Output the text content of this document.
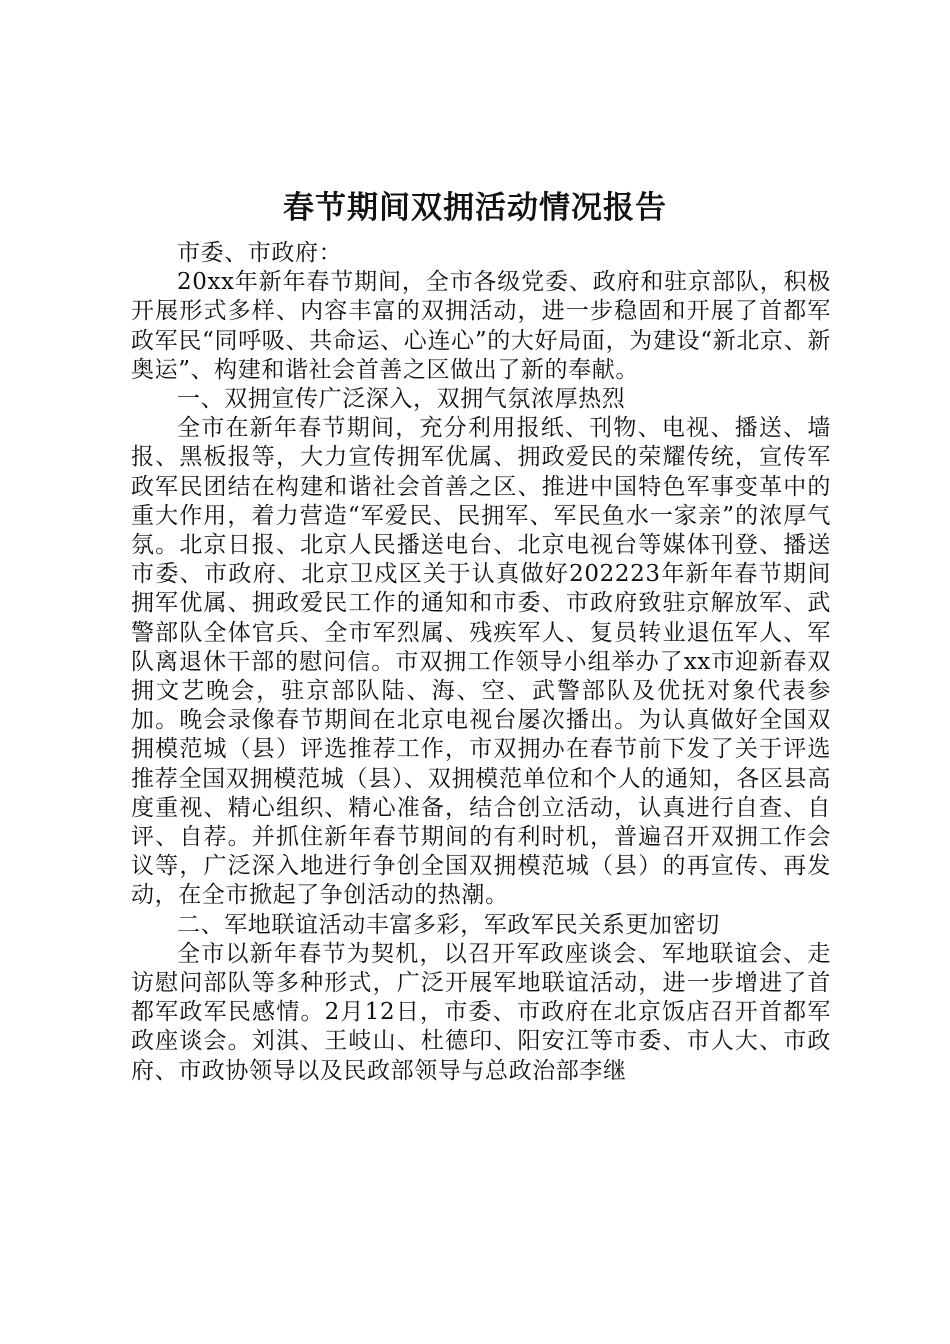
春节期间双拥活动情况报告

市委、市政府：

20xx年新年春节期间，全市各级党委、政府和驻京部队，积极开展形式多样、内容丰富的双拥活动，进一步稳固和开展了首都军政军民“同呼吸、共命运、心连心”的大好局面，为建设“新北京、新奥运”、构建和谐社会首善之区做出了新的奉献。

一、双拥宣传广泛深入，双拥气氛浓厚热烈

全市在新年春节期间，充分利用报纸、刊物、电视、播送、墙报、黑板报等，大力宣传拥军优属、拥政爱民的荣耀传统，宣传军政军民团结在构建和谐社会首善之区、推进中国特色军事变革中的重大作用，着力营造“军爱民、民拥军、军民鱼水一家亲”的浓厚气氛。北京日报、北京人民播送电台、北京电视台等媒体刊登、播送市委、市政府、北京卫戍区关于认真做好202223年新年春节期间拥军优属、拥政爱民工作的通知和市委、市政府致驻京解放军、武警部队全体官兵、全市军烈属、残疾军人、复员转业退伍军人、军队离退休干部的慰问信。市双拥工作领导小组举办了xx市迎新春双拥文艺晚会，驻京部队陆、海、空、武警部队及优抚对象代表参加。晚会录像春节期间在北京电视台屡次播出。为认真做好全国双拥模范城（县）评选推荐工作，市双拥办在春节前下发了关于评选推荐全国双拥模范城（县）、双拥模范单位和个人的通知，各区县高度重视、精心组织、精心准备，结合创立活动，认真进行自查、自评、自荐。并抓住新年春节期间的有利时机，普遍召开双拥工作会议等，广泛深入地进行争创全国双拥模范城（县）的再宣传、再发动，在全市掀起了争创活动的热潮。

二、军地联谊活动丰富多彩，军政军民关系更加密切

全市以新年春节为契机，以召开军政座谈会、军地联谊会、走访慰问部队等多种形式，广泛开展军地联谊活动，进一步增进了首都军政军民感情。2月12日，市委、市政府在北京饭店召开首都军政座谈会。刘淇、王岐山、杜德印、阳安江等市委、市人大、市政府、市政协领导以及民政部领导与总政治部李继
